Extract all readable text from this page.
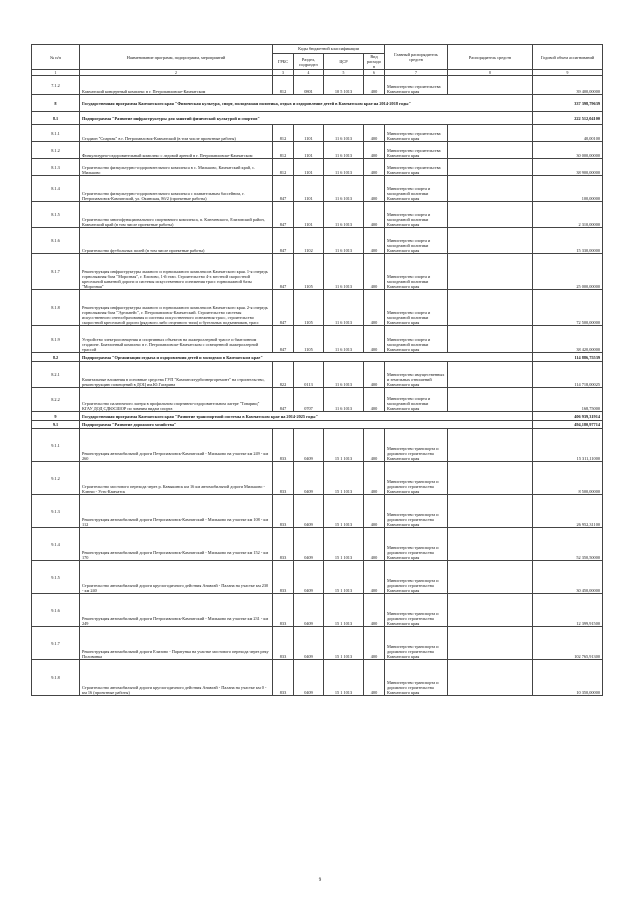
№ п/п	Наименование программ, подпрограмм, мероприятий	Коды бюджетной классификации				Главный распорядитель средств	Распорядитель средств	Годовой объем ассигнований
		ГРБС	Раздел, подраздел	ЦСР	Вид расходов			
1	2	3	4	5	6	7	8	9
7.1.2	Камчатский концертный комплекс в г. Петропавловске-Камчатском	812	0801	10 5 1013	400	Министерство строительства Камчатского края		39 400,00000
8	Государственная программа Камчатского края "Физическая культура, спорт, молодежная политика, отдых и оздоровление детей в Камчатском крае на 2014-2018 годы"							337 398,79639
8.1	Подпрограмма "Развитие инфраструктуры для занятий физической культурой и спортом"							222 512,04100
8.1.1	Стадион "Спартак" в г. Петропавловск-Камчатский (в том числе проектные работы)	812	1101	11 6 1013	400	Министерство строительства Камчатского края		40,00100
8.1.2	Физкультурно-оздоровительный комплекс с ледовой ареной в г. Петропавловске-Камчатском	812	1101	11 6 1013	400	Министерство строительства Камчатского края		30 000,00000
8.1.3	Строительство физкультурно-оздоровительного комплекса в с. Мильково, Камчатский край, с. Мильково	812	1101	11 6 1013	400	Министерство строительства Камчатского края		38 900,00000
8.1.4	Строительство физкультурно-оздоровительного комплекса с плавательным бассейном, г. Петропавловск-Камчатский, ул. Окинская, 8б/2 (проектные работы)	847	1101	11 6 1013	400	Министерство спорта и молодежной политики Камчатского края		100,00000
8.1.5	Строительство многофункционального спортивного комплекса, п. Ключевского, Елизовский район, Камчатский край (в том числе проектные работы)	847	1101	11 6 1013	400	Министерство спорта и молодежной политики Камчатского края		2 310,00000
8.1.6	Строительство футбольных полей (в том числе проектные работы)	847	1102	11 6 1013	400	Министерство спорта и молодежной политики Камчатского края		15 330,00000
8.1.7	Реконструкция инфраструктуры лыжного и горнолыжного комплексов Камчатского края. 1-я очередь горнолыжная база "Морозная", г. Елизово, 1-й этап. Строительство 4-х местной скоростной кресельной канатной дороги и системы искусственного оснежения трасс горнолыжной базы "Морозная"	847	1105	11 6 1013	400	Министерство спорта и молодежной политики Камчатского края		25 000,00000
8.1.8	Реконструкция инфраструктуры лыжного и горнолыжного комплексов Камчатского края. 2-я очередь горнолыжная база "Эдельвейс", г. Петропавловск-Камчатский. Строительство системы искусственного снегообразования и системы искусственного оснежения трасс, строительство скоростной кресельной дороги (рядового либо отцепного типа) и бугельных подъемников, трасс	847	1105	11 6 1013	400	Министерство спорта и молодежной политики Камчатского края		72 500,00000
8.1.9	Устройство электроосвещения и спортивных объектов на лыжероллерной трассе и биатлонном стадионе. Биатлонный комплекс в г. Петропавловске-Камчатском с освещенной лыжероллерной трассой	847	1105	11 6 1013	400	Министерство спорта и молодежной политики Камчатского края		38 420,00000
8.2	Подпрограмма "Организация отдыха и оздоровления детей и молодежи в Камчатском крае"							114 886,75539
8.2.1	Капитальные вложения в основные средства ГУП "Камчатсктурбоэнергоремонт" на строительство, реконструкцию помещений в ДОЦ им.Ю.Гагарина	822	0113	11 6 1013	400	Министерство имущественных и земельных отношений Камчатского края		114 718,00025
8.2.2	Строительство палаточного лагеря в профильном спортивно-оздоровительном лагере "Товарищ" КГАУ ДОД СДЮСШОР по зимним видам спорта	847	0707	11 6 1013	400	Министерство спорта и молодежной политики Камчатского края		168,75000
9	Государственная программа Камчатского края "Развитие транспортной системы в Камчатском крае на 2014-2025 годы"							406 939,31914
9.1	Подпрограмма "Развитие дорожного хозяйства"							494,180,97714
9.1.1	Реконструкция автомобильной дороги Петропавловск-Камчатский - Мильково на участке км 249 - км 260	833	0409	15 1 1013	400	Министерство транспорта и дорожного строительства Камчатского края		15 311,11000
9.1.2	Строительство мостового перехода через р. Кавыкинск км 16 км автомобильной дороги Мильково - Ключи - Усть-Камчатск	833	0409	15 1 1013	400	Министерство транспорта и дорожного строительства Камчатского края		8 500,00000
9.1.3	Реконструкция автомобильной дороги Петропавловск-Камчатский - Мильково на участке км 108 - км 112	833	0409	15 1 1013	400	Министерство транспорта и дорожного строительства Камчатского края		26 952,31100
9.1.4	Реконструкция автомобильной дороги Петропавловск-Камчатский - Мильково на участке км 152 - км 170	833	0409	15 1 1013	400	Министерство транспорта и дорожного строительства Камчатского края		52 350,50000
9.1.5	Строительство автомобильной дороги круглогодичного действия Анавгай - Палана на участке км 230 - км 240	833	0409	15 1 1013	400	Министерство транспорта и дорожного строительства Камчатского края		30 450,00000
9.1.6	Реконструкция автомобильной дороги Петропавловск-Камчатский - Мильково на участке км 231 - км 249	833	0409	15 1 1013	400	Министерство транспорта и дорожного строительства Камчатского края		12 399,91500
9.1.7	Реконструкция автомобильной дороги Елизово - Паратунка на участке мостового перехода через реку Половинка	833	0409	15 1 1013	400	Министерство транспорта и дорожного строительства Камчатского края		102 765,91300
9.1.8	Строительство автомобильной дороги круглогодичного действия Анавгай - Палана на участке км 0 - км 16 (проектные работы)	833	0409	15 1 1013	400	Министерство транспорта и дорожного строительства Камчатского края		10 350,00000
9
